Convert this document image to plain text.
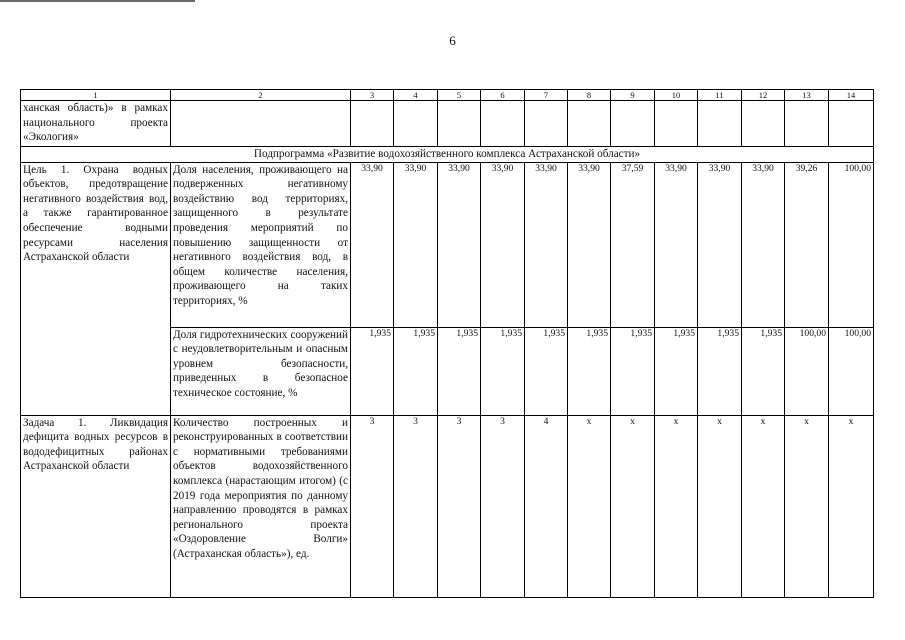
6
1	2	3	4	5	6	7	8	9	10	11	12	13	14
ханская область)» в рамках национального проекта «Экология»													
Подпрограмма «Развитие водохозяйственного комплекса Астраханской области»													
Цель 1. Охрана водных объектов, предотвращение негативного воздействия вод, а также гарантированное обеспечение водными ресурсами населения Астраханской области	Доля населения, проживающего на подверженных негативному воздействию вод территориях, защищенного в результате проведения мероприятий по повышению защищенности от негативного воздействия вод, в общем количестве населения, проживающего на таких территориях, %	33,90	33,90	33,90	33,90	33,90	33,90	37,59	33,90	33,90	33,90	39,26	100,00
	Доля гидротехнических сооружений с неудовлетворительным и опасным уровнем безопасности, приведенных в безопасное техническое состояние, %	1,935	1,935	1,935	1,935	1,935	1,935	1,935	1,935	1,935	1,935	100,00	100,00
Задача 1. Ликвидация дефицита водных ресурсов в вододефицитных районах Астраханской области	Количество построенных и реконструированных в соответствии с нормативными требованиями объектов водохозяйственного комплекса (нарастающим итогом) (с 2019 года мероприятия по данному направлению проводятся в рамках регионального проекта «Оздоровление Волги» (Астраханская область»), ед.	3	3	3	3	4	х	х	х	х	х	х	х
